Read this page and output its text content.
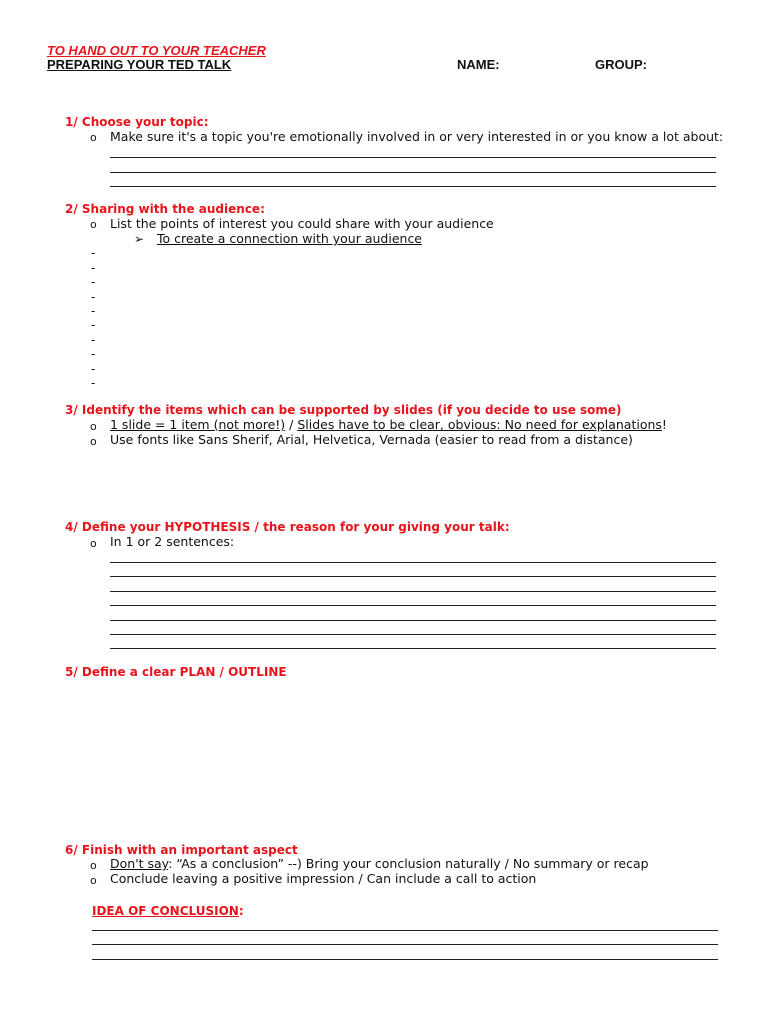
TO HAND OUT TO YOUR TEACHER
PREPARING YOUR TED TALK	NAME:	GROUP:
1/ Choose your topic:
o Make sure it's a topic you're emotionally involved in or very interested in or you know a lot about:
2/ Sharing with the audience:
o List the points of interest you could share with your audience
➢ To create a connection with your audience
-
-
-
-
-
-
-
-
-
-
3/ Identify the items which can be supported by slides (if you decide to use some)
o 1 slide = 1 item (not more!) / Slides have to be clear, obvious: No need for explanations!
o Use fonts like Sans Sherif, Arial, Helvetica, Vernada (easier to read from a distance)
4/ Define your HYPOTHESIS / the reason for your giving your talk:
o In 1 or 2 sentences:
5/ Define a clear PLAN / OUTLINE
6/ Finish with an important aspect
o Don't say: “As a conclusion” --) Bring your conclusion naturally / No summary or recap
o Conclude leaving a positive impression / Can include a call to action
IDEA OF CONCLUSION:
